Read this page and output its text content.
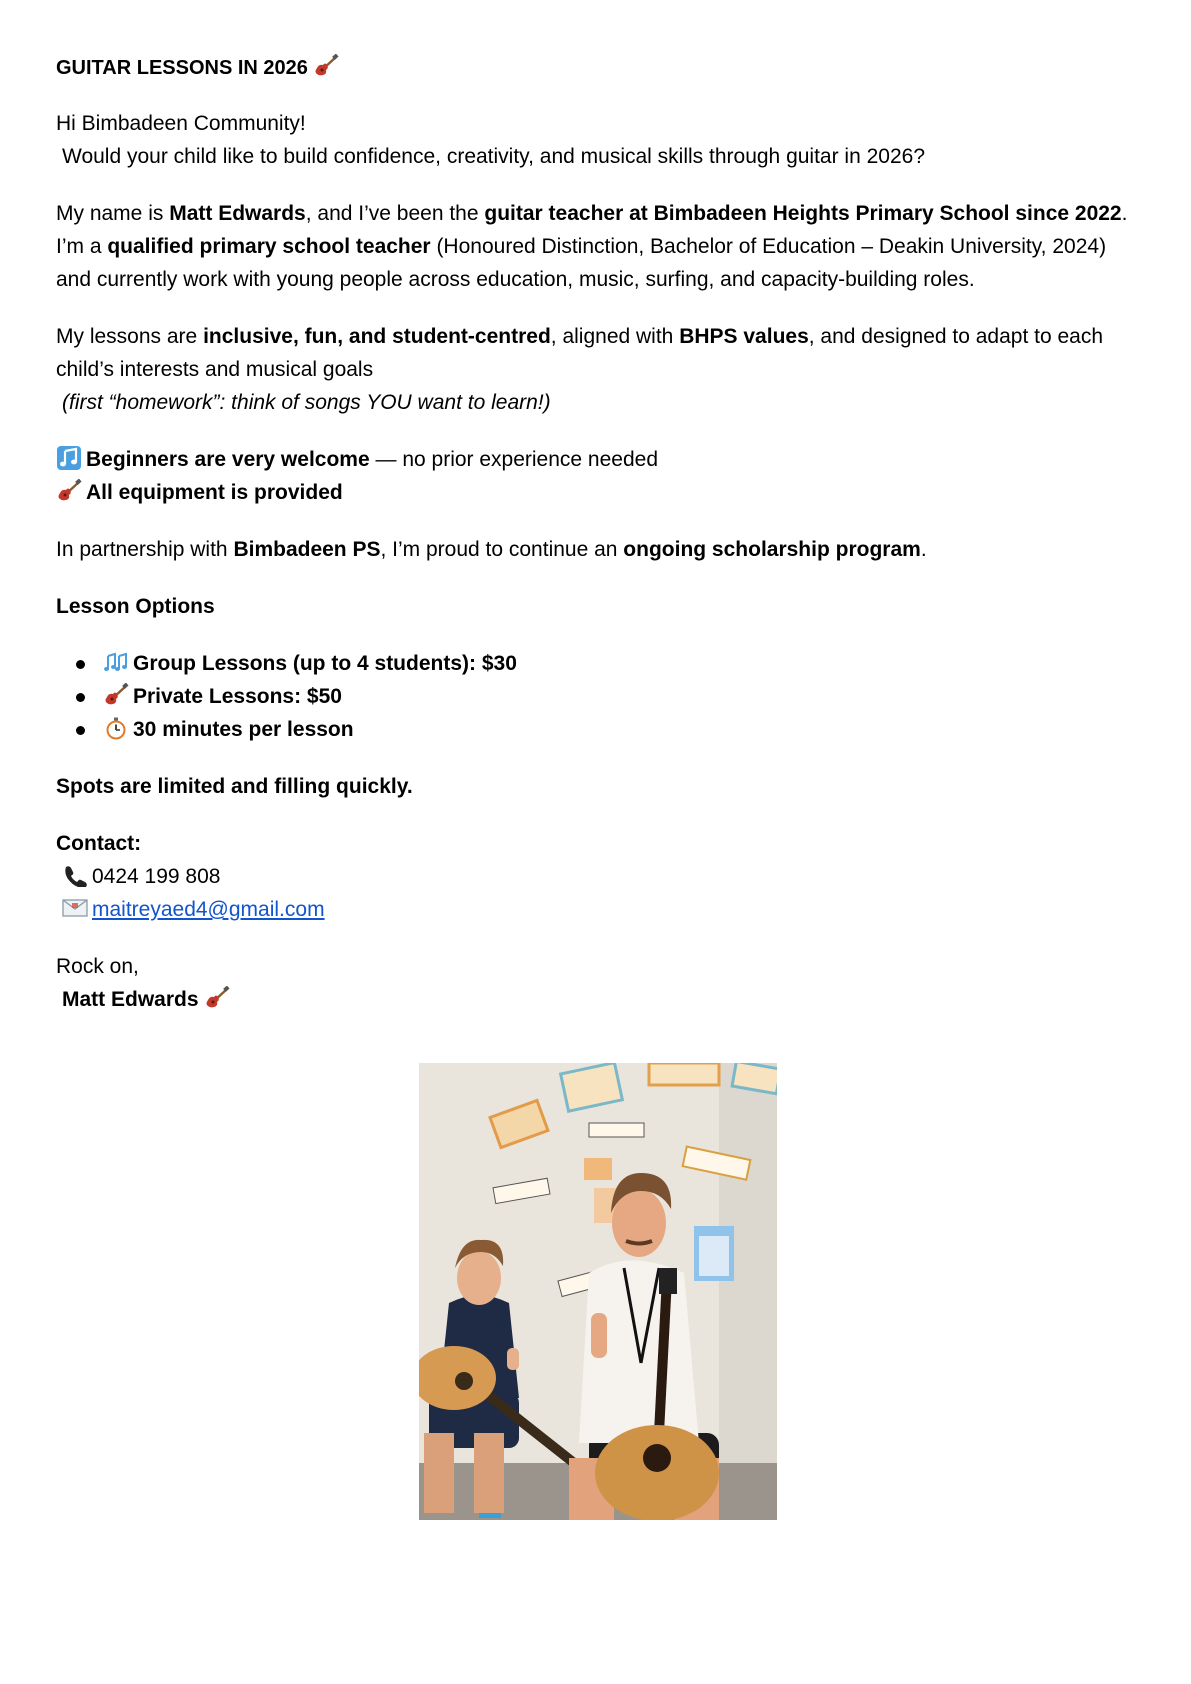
GUITAR LESSONS IN 2026

Hi Bimbadeen Community!

Would your child like to build confidence, creativity, and musical skills through guitar in 2026?

My name is Matt Edwards, and I’ve been the guitar teacher at Bimbadeen Heights Primary School since 2022.
I’m a qualified primary school teacher (Honoured Distinction, Bachelor of Education – Deakin University, 2024)
and currently work with young people across education, music, surfing, and capacity-building roles.

My lessons are inclusive, fun, and student-centred, aligned with BHPS values, and designed to adapt to each

child’s interests and musical goals

(first “homework”: think of songs YOU want to learn!)

Beginners are very welcome — no prior experience needed

All equipment is provided

In partnership with Bimbadeen PS, I’m proud to continue an ongoing scholarship program.

Lesson Options

Group Lessons (up to 4 students): $30
Private Lessons: $50
30 minutes per lesson

Spots are limited and filling quickly.

Contact:

0424 199 808

maitreyaed4@gmail.com

Rock on,

Matt Edwards
